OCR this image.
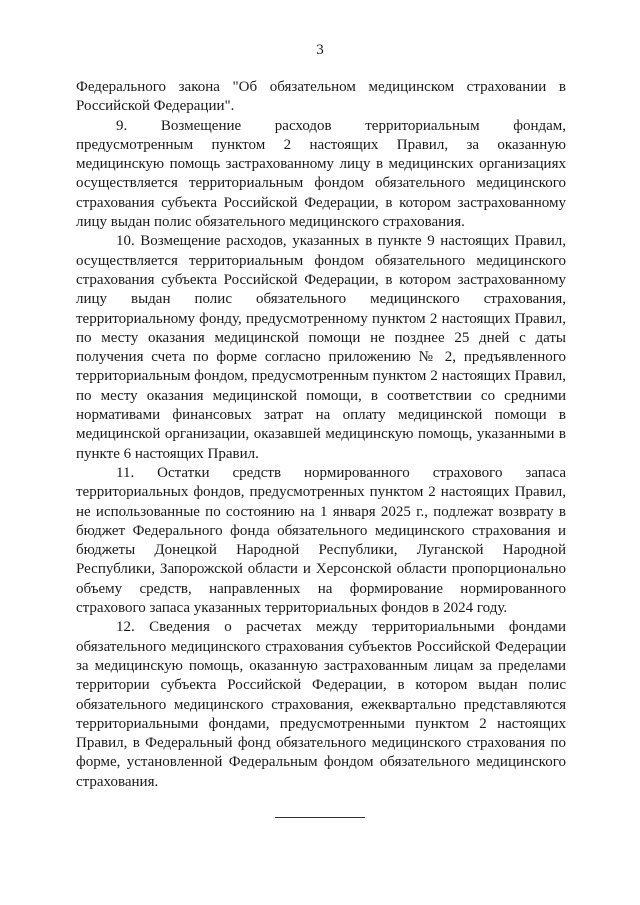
3

Федерального закона "Об обязательном медицинском страховании в Российской Федерации".

9. Возмещение расходов территориальным фондам, предусмотренным пунктом 2 настоящих Правил, за оказанную медицинскую помощь застрахованному лицу в медицинских организациях осуществляется территориальным фондом обязательного медицинского страхования субъекта Российской Федерации, в котором застрахованному лицу выдан полис обязательного медицинского страхования.

10. Возмещение расходов, указанных в пункте 9 настоящих Правил, осуществляется территориальным фондом обязательного медицинского страхования субъекта Российской Федерации, в котором застрахованному лицу выдан полис обязательного медицинского страхования, территориальному фонду, предусмотренному пунктом 2 настоящих Правил, по месту оказания медицинской помощи не позднее 25 дней с даты получения счета по форме согласно приложению № 2, предъявленного территориальным фондом, предусмотренным пунктом 2 настоящих Правил, по месту оказания медицинской помощи, в соответствии со средними нормативами финансовых затрат на оплату медицинской помощи в медицинской организации, оказавшей медицинскую помощь, указанными в пункте 6 настоящих Правил.

11. Остатки средств нормированного страхового запаса территориальных фондов, предусмотренных пунктом 2 настоящих Правил, не использованные по состоянию на 1 января 2025 г., подлежат возврату в бюджет Федерального фонда обязательного медицинского страхования и бюджеты Донецкой Народной Республики, Луганской Народной Республики, Запорожской области и Херсонской области пропорционально объему средств, направленных на формирование нормированного страхового запаса указанных территориальных фондов в 2024 году.

12. Сведения о расчетах между территориальными фондами обязательного медицинского страхования субъектов Российской Федерации за медицинскую помощь, оказанную застрахованным лицам за пределами территории субъекта Российской Федерации, в котором выдан полис обязательного медицинского страхования, ежеквартально представляются территориальными фондами, предусмотренными пунктом 2 настоящих Правил, в Федеральный фонд обязательного медицинского страхования по форме, установленной Федеральным фондом обязательного медицинского страхования.
